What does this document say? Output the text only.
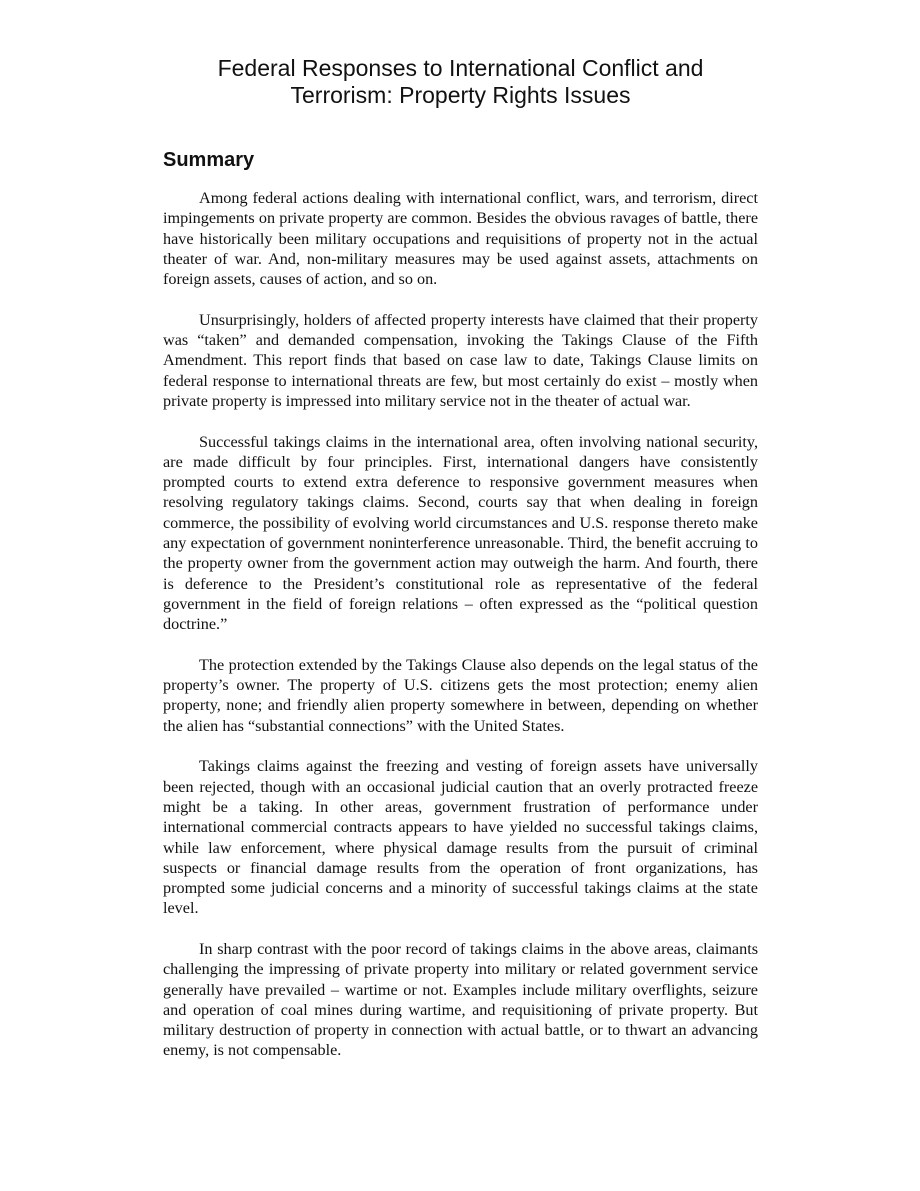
Federal Responses to International Conflict and
Terrorism: Property Rights Issues
Summary

Among federal actions dealing with international conflict, wars, and terrorism, direct impingements on private property are common. Besides the obvious ravages of battle, there have historically been military occupations and requisitions of property not in the actual theater of war. And, non-military measures may be used against assets, attachments on foreign assets, causes of action, and so on.

Unsurprisingly, holders of affected property interests have claimed that their property was “taken” and demanded compensation, invoking the Takings Clause of the Fifth Amendment. This report finds that based on case law to date, Takings Clause limits on federal response to international threats are few, but most certainly do exist – mostly when private property is impressed into military service not in the theater of actual war.

Successful takings claims in the international area, often involving national security, are made difficult by four principles. First, international dangers have consistently prompted courts to extend extra deference to responsive government measures when resolving regulatory takings claims. Second, courts say that when dealing in foreign commerce, the possibility of evolving world circumstances and U.S. response thereto make any expectation of government noninterference unreasonable. Third, the benefit accruing to the property owner from the government action may outweigh the harm. And fourth, there is deference to the President’s constitutional role as representative of the federal government in the field of foreign relations – often expressed as the “political question doctrine.”

The protection extended by the Takings Clause also depends on the legal status of the property’s owner. The property of U.S. citizens gets the most protection; enemy alien property, none; and friendly alien property somewhere in between, depending on whether the alien has “substantial connections” with the United States.

Takings claims against the freezing and vesting of foreign assets have universally been rejected, though with an occasional judicial caution that an overly protracted freeze might be a taking. In other areas, government frustration of performance under international commercial contracts appears to have yielded no successful takings claims, while law enforcement, where physical damage results from the pursuit of criminal suspects or financial damage results from the operation of front organizations, has prompted some judicial concerns and a minority of successful takings claims at the state level.

In sharp contrast with the poor record of takings claims in the above areas, claimants challenging the impressing of private property into military or related government service generally have prevailed – wartime or not. Examples include military overflights, seizure and operation of coal mines during wartime, and requisitioning of private property. But military destruction of property in connection with actual battle, or to thwart an advancing enemy, is not compensable.
